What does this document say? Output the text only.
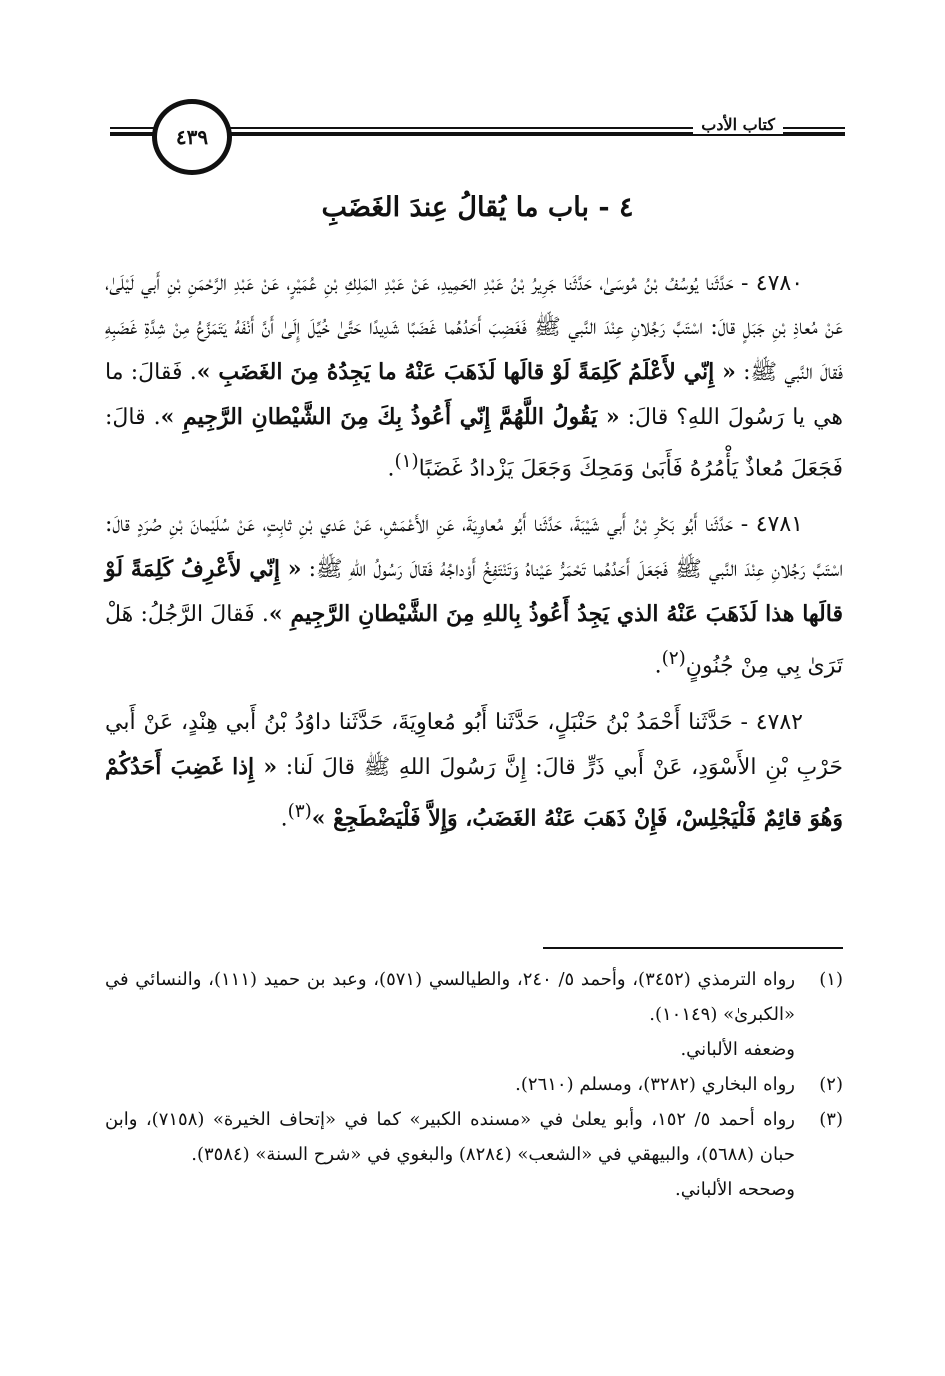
٤٣٩
كتاب الأدب
٤ - باب ما يُقالُ عِندَ الغَضَبِ

٤٧٨٠ - حَدَّثَنا يُوسُفُ بْنُ مُوسَىٰ، حَدَّثَنا جَرِيرُ بْنُ عَبْدِ الحَمِيدِ، عَنْ عَبْدِ المَلِكِ بْنِ عُمَيْرٍ، عَنْ عَبْدِ الرَّحْمَنِ بْنِ أَبي لَيْلَىٰ، عَنْ مُعاذِ بْنِ جَبَلٍ قالَ: اسْتَبَّ رَجُلانِ عِنْدَ النَّبي ﷺ فَغَضِبَ أَحَدُهُما غَضَبًا شَدِيدًا حَتَّىٰ خُيِّلَ إِلَىٰ أَنَّ أَنْفَهُ يَتَمَزَّعُ مِنْ شِدَّةِ غَضَبِهِ فَقالَ النَّبي ﷺ: « إِنّي لأَعْلَمُ كَلِمَةً لَوْ قالَها لَذَهَبَ عَنْهُ ما يَجِدُهُ مِنَ الغَضَبِ ». فَقالَ: ما هي يا رَسُولَ اللهِ؟ قالَ: « يَقُولُ اللَّهُمَّ إِنّي أَعُوذُ بِكَ مِنَ الشَّيْطانِ الرَّجِيمِ ». قالَ: فَجَعَلَ مُعاذٌ يَأْمُرُهُ فَأَبَىٰ وَمَحِكَ وَجَعَلَ يَزْدادُ غَضَبًا$^{(١)}$.

٤٧٨١ - حَدَّثَنا أَبُو بَكْرِ بْنُ أَبي شَيْبَةَ، حَدَّثَنا أَبُو مُعاوِيَةَ، عَنِ الأَعْمَشِ، عَنْ عَدي بْنِ ثابِتٍ، عَنْ سُلَيْمانَ بْنِ صُرَدٍ قالَ: اسْتَبَّ رَجُلانِ عِنْدَ النَّبي ﷺ فَجَعَلَ أَحَدُهُما تَحْمَرُّ عَيْناهُ وَتَنْتَفِخُ أَوْداجُهُ فَقالَ رَسُولُ اللهِ ﷺ: « إِنّي لأَعْرِفُ كَلِمَةً لَوْ قالَها هذا لَذَهَبَ عَنْهُ الذي يَجِدُ أَعُوذُ بِاللهِ مِنَ الشَّيْطانِ الرَّجِيمِ ». فَقالَ الرَّجُلُ: هَلْ تَرَىٰ بِي مِنْ جُنُونٍ$^{(٢)}$.

٤٧٨٢ - حَدَّثَنا أَحْمَدُ بْنُ حَنْبَلٍ، حَدَّثَنا أَبُو مُعاوِيَةَ، حَدَّثَنا داوُدُ بْنُ أَبي هِنْدٍ، عَنْ أَبي حَرْبِ بْنِ الأَسْوَدِ، عَنْ أَبي ذَرٍّ قالَ: إِنَّ رَسُولَ اللهِ ﷺ قالَ لَنا: « إِذا غَضِبَ أَحَدُكُمْ وَهُوَ قائِمٌ فَلْيَجْلِسْ، فَإِنْ ذَهَبَ عَنْهُ الغَضَبُ، وَإِلاَّ فَلْيَضْطَجِعْ »$^{(٣)}$.

(١)
رواه الترمذي (٣٤٥٢)، وأحمد ٥/ ٢٤٠، والطيالسي (٥٧١)، وعبد بن حميد (١١١)، والنسائي في «الكبرىٰ» (١٠١٤٩).
وضعفه الألباني.
(٢)
رواه البخاري (٣٢٨٢)، ومسلم (٢٦١٠).
(٣)
رواه أحمد ٥/ ١٥٢، وأبو يعلىٰ في «مسنده الكبير» كما في «إتحاف الخيرة» (٧١٥٨)، وابن حبان (٥٦٨٨)، والبيهقي في «الشعب» (٨٢٨٤) والبغوي في «شرح السنة» (٣٥٨٤).
وصححه الألباني.
